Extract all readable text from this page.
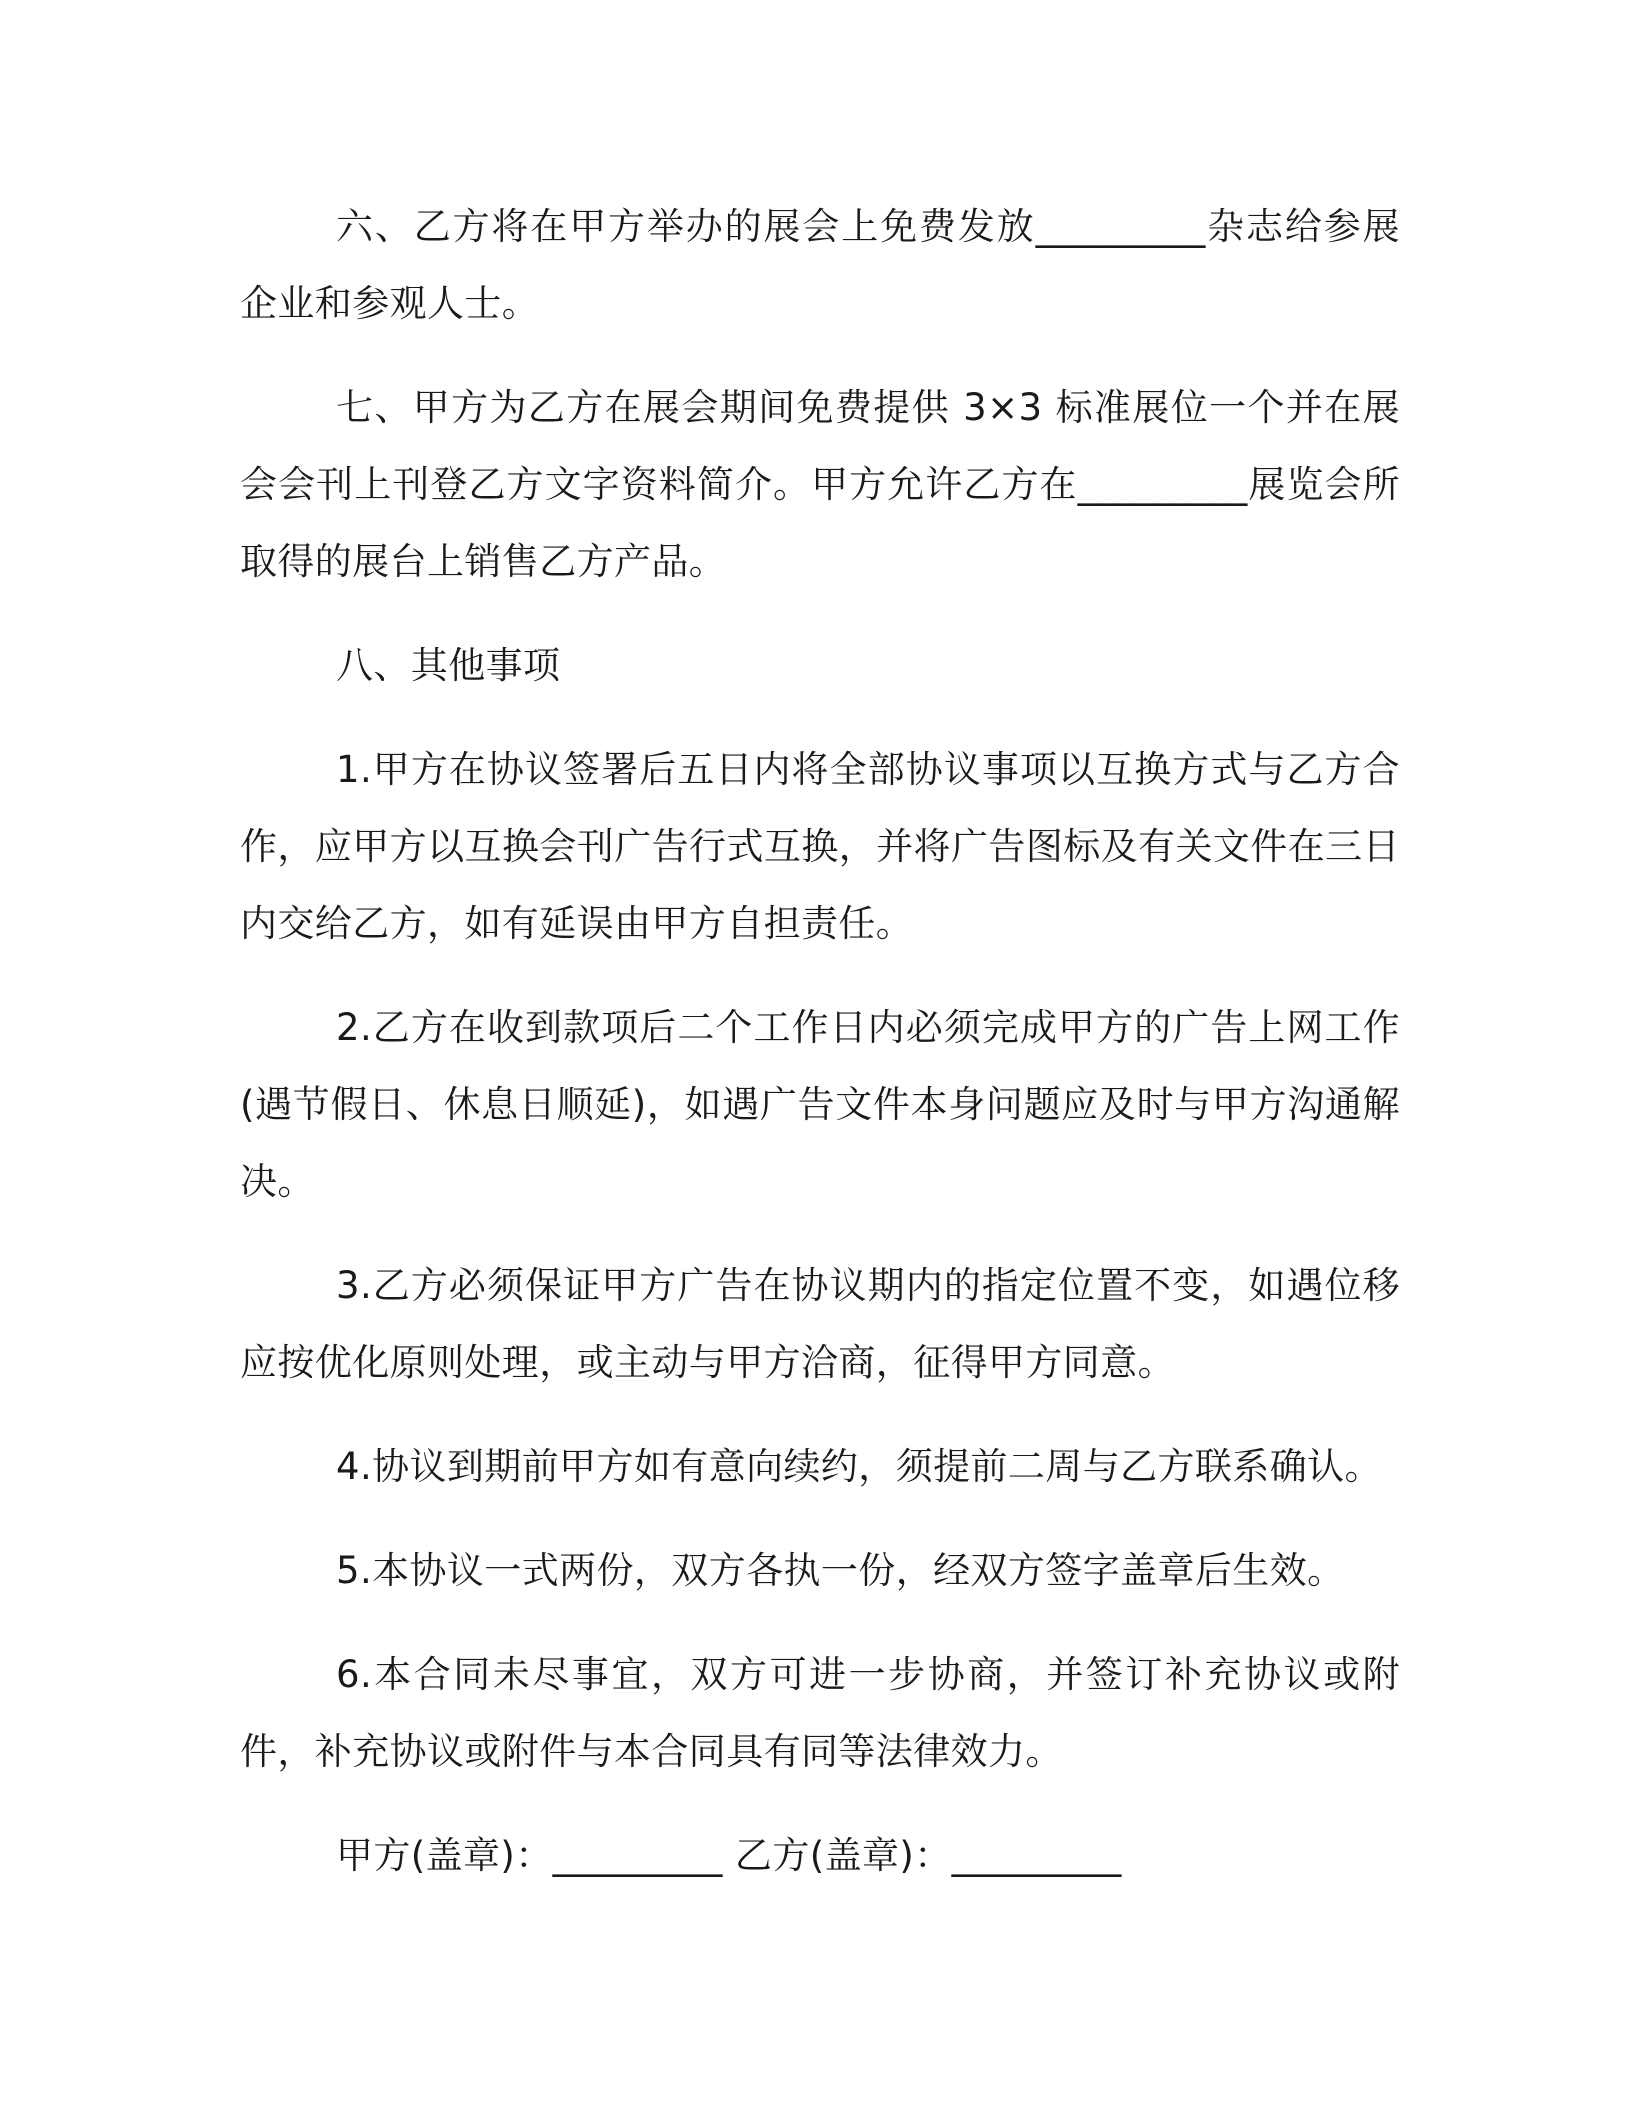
六、乙方将在甲方举办的展会上免费发放_________杂志给参展企业和参观人士。

七、甲方为乙方在展会期间免费提供 3×3 标准展位一个并在展会会刊上刊登乙方文字资料简介。甲方允许乙方在_________展览会所取得的展台上销售乙方产品。

八、其他事项

1.甲方在协议签署后五日内将全部协议事项以互换方式与乙方合作，应甲方以互换会刊广告行式互换，并将广告图标及有关文件在三日内交给乙方，如有延误由甲方自担责任。

2.乙方在收到款项后二个工作日内必须完成甲方的广告上网工作(遇节假日、休息日顺延)，如遇广告文件本身问题应及时与甲方沟通解决。

3.乙方必须保证甲方广告在协议期内的指定位置不变，如遇位移应按优化原则处理，或主动与甲方洽商，征得甲方同意。

4.协议到期前甲方如有意向续约，须提前二周与乙方联系确认。

5.本协议一式两份，双方各执一份，经双方签字盖章后生效。

6.本合同未尽事宜，双方可进一步协商，并签订补充协议或附件，补充协议或附件与本合同具有同等法律效力。

甲方(盖章)：_________ 乙方(盖章)：_________
